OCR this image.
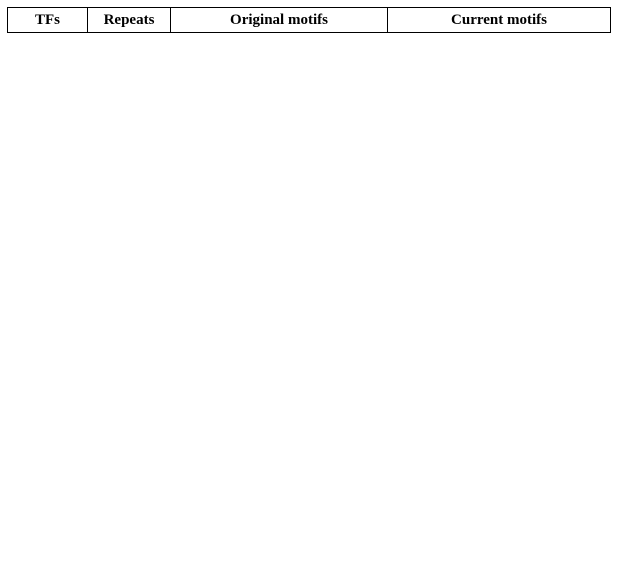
TFs	Repeats	Original motifs	Current motifs
